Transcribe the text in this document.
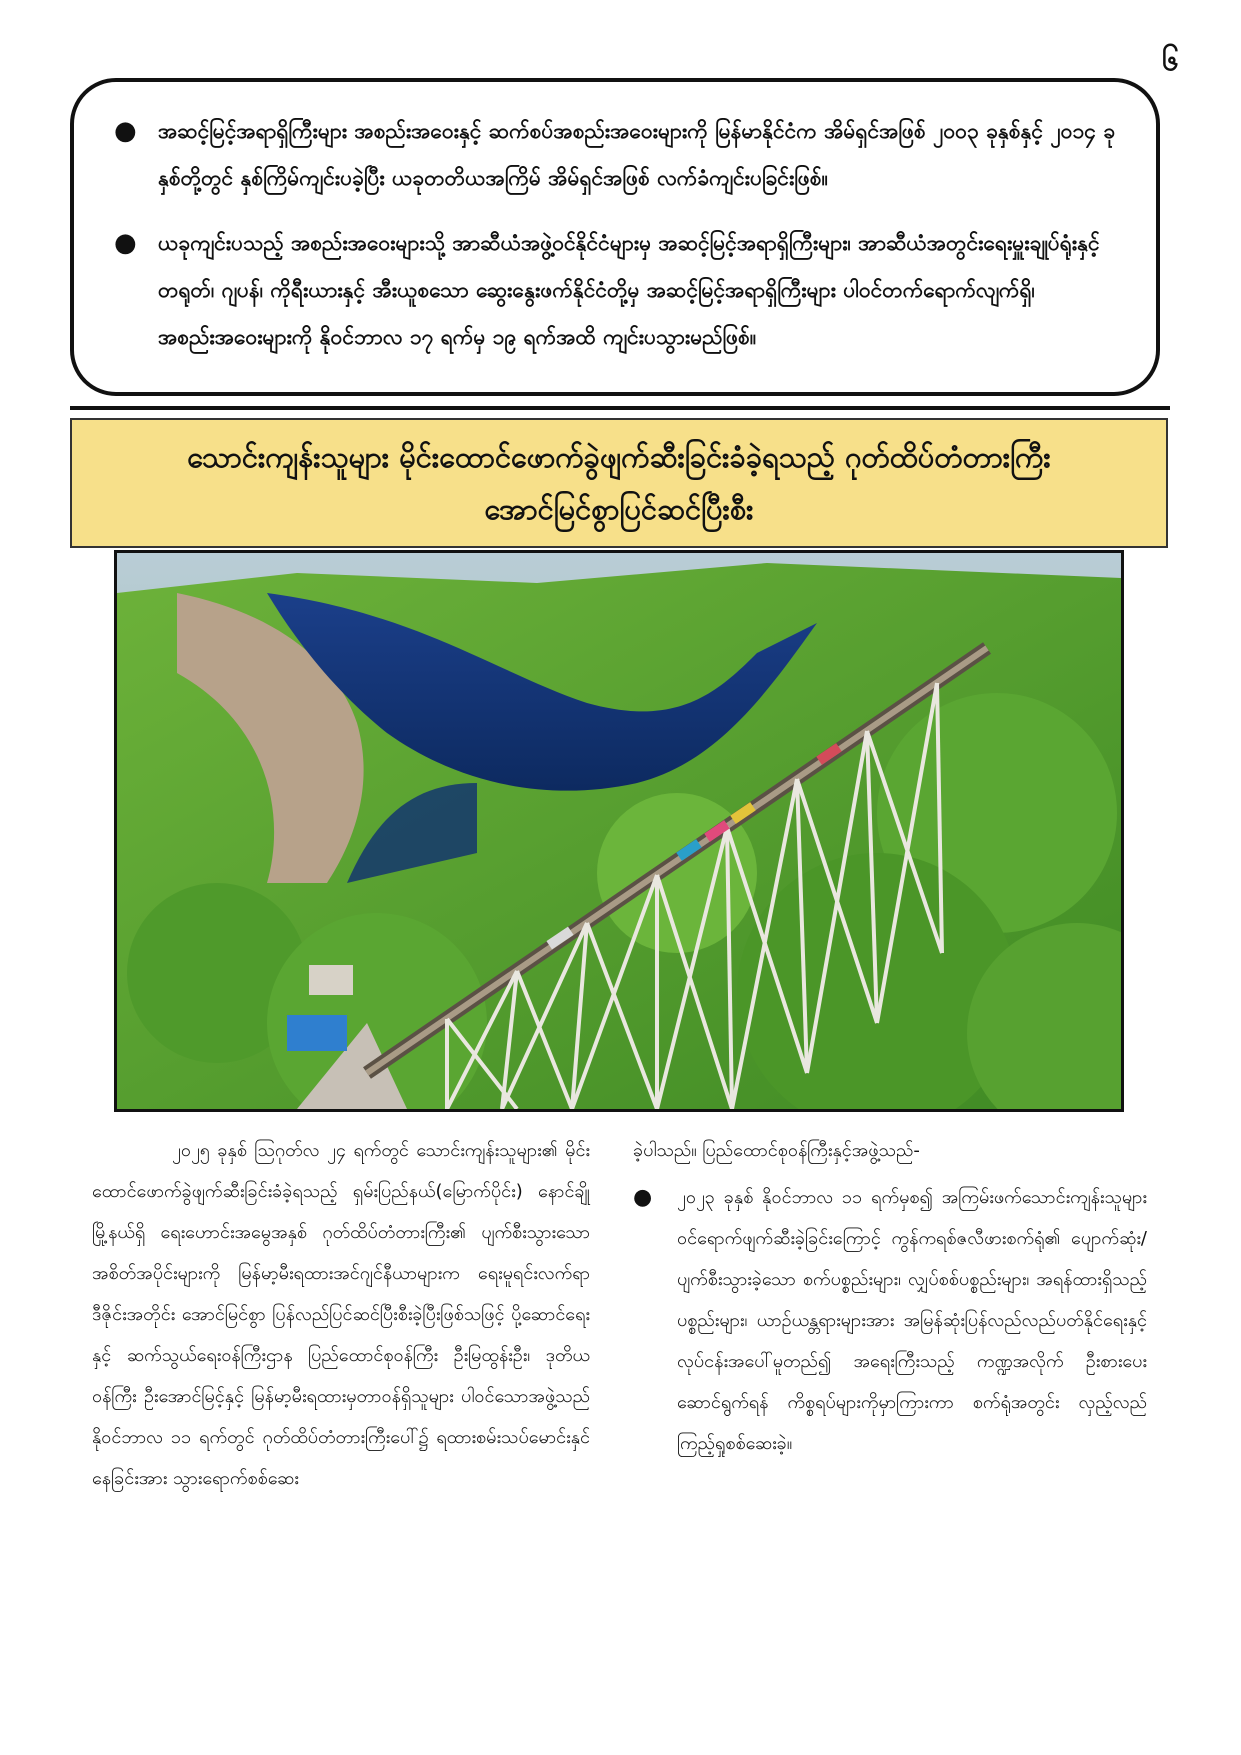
၆
● အဆင့်မြင့်အရာရှိကြီးများ အစည်းအဝေးနှင့် ဆက်စပ်အစည်းအဝေးများကို မြန်မာနိုင်ငံက အိမ်ရှင်အဖြစ် ၂၀၀၃ ခုနှစ်နှင့် ၂၀၁၄ ခုနှစ်တို့တွင် နှစ်ကြိမ်ကျင်းပခဲ့ပြီး ယခုတတိယအကြိမ် အိမ်ရှင်အဖြစ် လက်ခံကျင်းပခြင်းဖြစ်။
● ယခုကျင်းပသည့် အစည်းအဝေးများသို့ အာဆီယံအဖွဲ့ဝင်နိုင်ငံများမှ အဆင့်မြင့်အရာရှိကြီးများ၊ အာဆီယံအတွင်းရေးမှူးချုပ်ရုံးနှင့် တရုတ်၊ ဂျပန်၊ ကိုရီးယားနှင့် အီးယူစသော ဆွေးနွေးဖက်နိုင်ငံတို့မှ အဆင့်မြင့်အရာရှိကြီးများ ပါဝင်တက်ရောက်လျက်ရှိ၊ အစည်းအဝေးများကို နိုဝင်ဘာလ ၁၇ ရက်မှ ၁၉ ရက်အထိ ကျင်းပသွားမည်ဖြစ်။
သောင်းကျန်းသူများ မိုင်းထောင်ဖောက်ခွဲဖျက်ဆီးခြင်းခံခဲ့ရသည့် ဂုတ်ထိပ်တံတားကြီး
အောင်မြင်စွာပြင်ဆင်ပြီးစီး

၂၀၂၅ ခုနှစ် ဩဂုတ်လ ၂၄ ရက်တွင် သောင်းကျန်းသူများ၏ မိုင်းထောင်ဖောက်ခွဲဖျက်ဆီးခြင်းခံခဲ့ရသည့် ရှမ်းပြည်နယ်(မြောက်ပိုင်း) နောင်ချိုမြို့နယ်ရှိ ရေးဟောင်းအမွေအနှစ် ဂုတ်ထိပ်တံတားကြီး၏ ပျက်စီးသွားသော အစိတ်အပိုင်းများကို မြန်မာ့မီးရထားအင်ဂျင်နီယာများက ရေးမူရင်းလက်ရာဒီဇိုင်းအတိုင်း အောင်မြင်စွာ ပြန်လည်ပြင်ဆင်ပြီးစီးခဲ့ပြီးဖြစ်သဖြင့် ပို့ဆောင်ရေးနှင့် ဆက်သွယ်ရေးဝန်ကြီးဌာန ပြည်ထောင်စုဝန်ကြီး ဦးမြထွန်းဦး၊ ဒုတိယဝန်ကြီး ဦးအောင်မြင့်နှင့် မြန်မာ့မီးရထားမှတာဝန်ရှိသူများ ပါဝင်သောအဖွဲ့သည် နိုဝင်ဘာလ ၁၁ ရက်တွင် ဂုတ်ထိပ်တံတားကြီးပေါ်၌ ရထားစမ်းသပ်မောင်းနှင်နေခြင်းအား သွားရောက်စစ်ဆေး

ခဲ့ပါသည်။ ပြည်ထောင်စုဝန်ကြီးနှင့်အဖွဲ့သည်-

● ၂၀၂၃ ခုနှစ် နိုဝင်ဘာလ ၁၁ ရက်မှစ၍ အကြမ်းဖက်သောင်းကျန်းသူများ ဝင်ရောက်ဖျက်ဆီးခဲ့ခြင်းကြောင့် ကွန်ကရစ်ဇလီဖားစက်ရုံ၏ ပျောက်ဆုံး/ ပျက်စီးသွားခဲ့သော စက်ပစ္စည်းများ၊ လျှပ်စစ်ပစ္စည်းများ၊ အရန်ထားရှိသည့် ပစ္စည်းများ၊ ယာဉ်ယန္တရားများအား အမြန်ဆုံးပြန်လည်လည်ပတ်နိုင်ရေးနှင့် လုပ်ငန်းအပေါ်မူတည်၍ အရေးကြီးသည့် ကဏ္ဍအလိုက် ဦးစားပေးဆောင်ရွက်ရန် ကိစ္စရပ်များကိုမှာကြားကာ စက်ရုံအတွင်း လှည့်လည်ကြည့်ရှုစစ်ဆေးခဲ့။
